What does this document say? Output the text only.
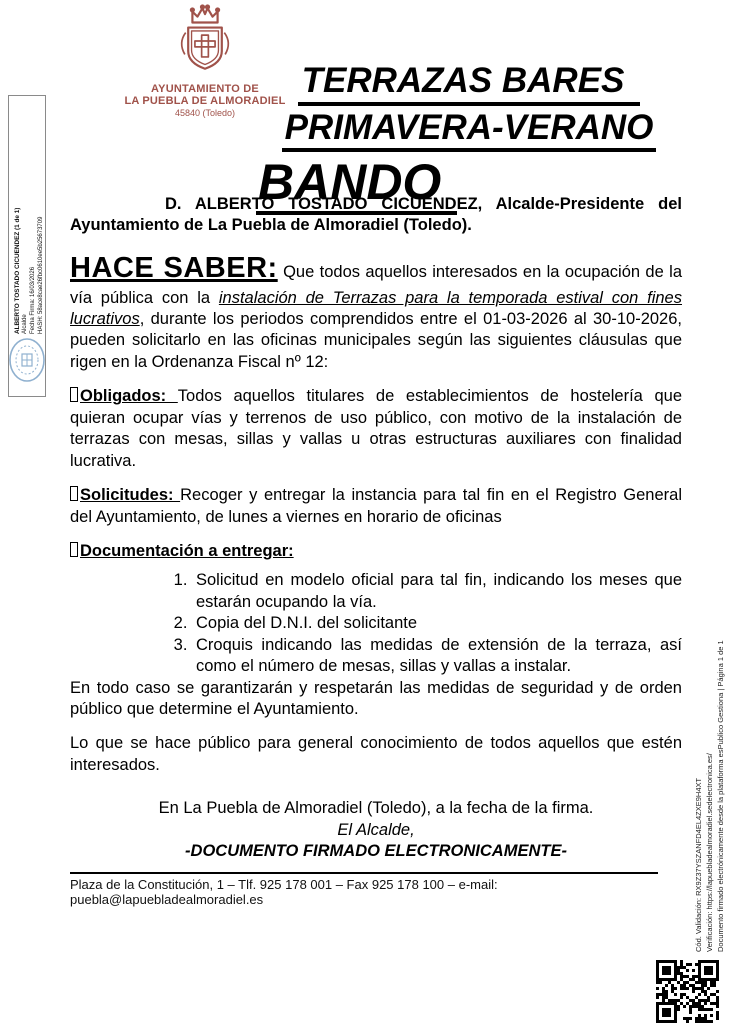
ALBERTO TOSTADO CICUENDEZ (1 de 1) Alcalde Fecha Firma: 16/03/2026 HASH: 58ace8cae26fbc0610ee5b25673709
AYUNTAMIENTO DE
LA PUEBLA DE ALMORADIEL
45840 (Toledo)
TERRAZAS BARES
PRIMAVERA-VERANO
BANDO

D. ALBERTO TOSTADO CICUÉNDEZ, Alcalde-Presidente del Ayuntamiento de La Puebla de Almoradiel (Toledo).

HACE SABER: Que todos aquellos interesados en la ocupación de la vía pública con la instalación de Terrazas para la temporada estival con fines lucrativos, durante los periodos comprendidos entre el 01-03-2026 al 30-10-2026, pueden solicitarlo en las oficinas municipales según las siguientes cláusulas que rigen en la Ordenanza Fiscal nº 12:

Obligados: Todos aquellos titulares de establecimientos de hostelería que quieran ocupar vías y terrenos de uso público, con motivo de la instalación de terrazas con mesas, sillas y vallas u otras estructuras auxiliares con finalidad lucrativa.

Solicitudes: Recoger y entregar la instancia para tal fin en el Registro General del Ayuntamiento, de lunes a viernes en horario de oficinas

Documentación a entregar:

1. Solicitud en modelo oficial para tal fin, indicando los meses que estarán ocupando la vía.
2. Copia del D.N.I. del solicitante
3. Croquis indicando las medidas de extensión de la terraza, así como el número de mesas, sillas y vallas a instalar.

En todo caso se garantizarán y respetarán las medidas de seguridad y de orden público que determine el Ayuntamiento.

Lo que se hace público para general conocimiento de todos aquellos que estén interesados.

En La Puebla de Almoradiel (Toledo), a la fecha de la firma.
El Alcalde,
-DOCUMENTO FIRMADO ELECTRONICAMENTE-
Plaza de la Constitución, 1 – Tlf. 925 178 001 – Fax 925 178 100 – e-mail: puebla@lapuebladealmoradiel.es	Cód. Validación: RX9Z37YSZANFD4EL4ZXE9H4XT Verificación: https://lapuebladealmoradiel.sedelectronica.es/ Documento firmado electrónicamente desde la plataforma esPublico Gestiona | Página 1 de 1
